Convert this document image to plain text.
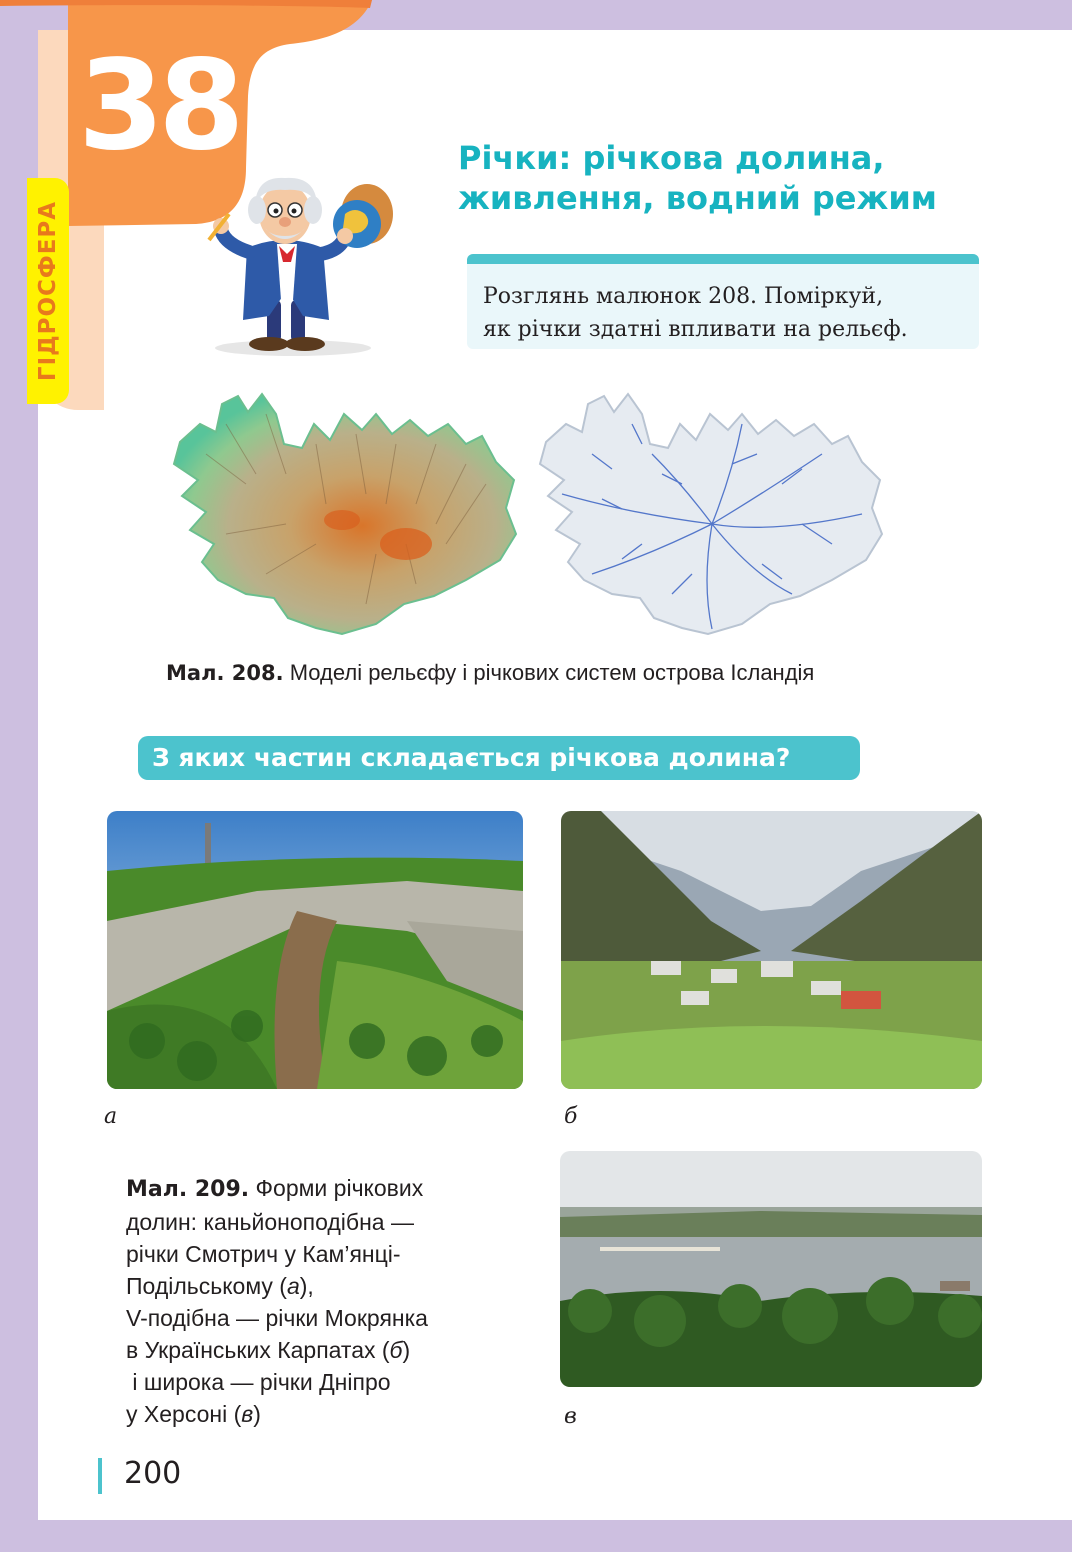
38
ГІДРОСФЕРА
Річки: річкова долина,
живлення, водний режим
Розглянь малюнок 208. Поміркуй,
як річки здатні впливати на рельєф.
Мал. 208. Моделі рельєфу і річкових систем острова Ісландія
З яких частин складається річкова долина?
а	б
Мал. 209. Форми річкових
долин: каньйоноподібна —
річки Смотрич у Кам’янці-
Подільському (а),
V-подібна — річки Мокрянка
в Українських Карпатах (б)
і широка — річки Дніпро
у Херсоні (в)	в
200
